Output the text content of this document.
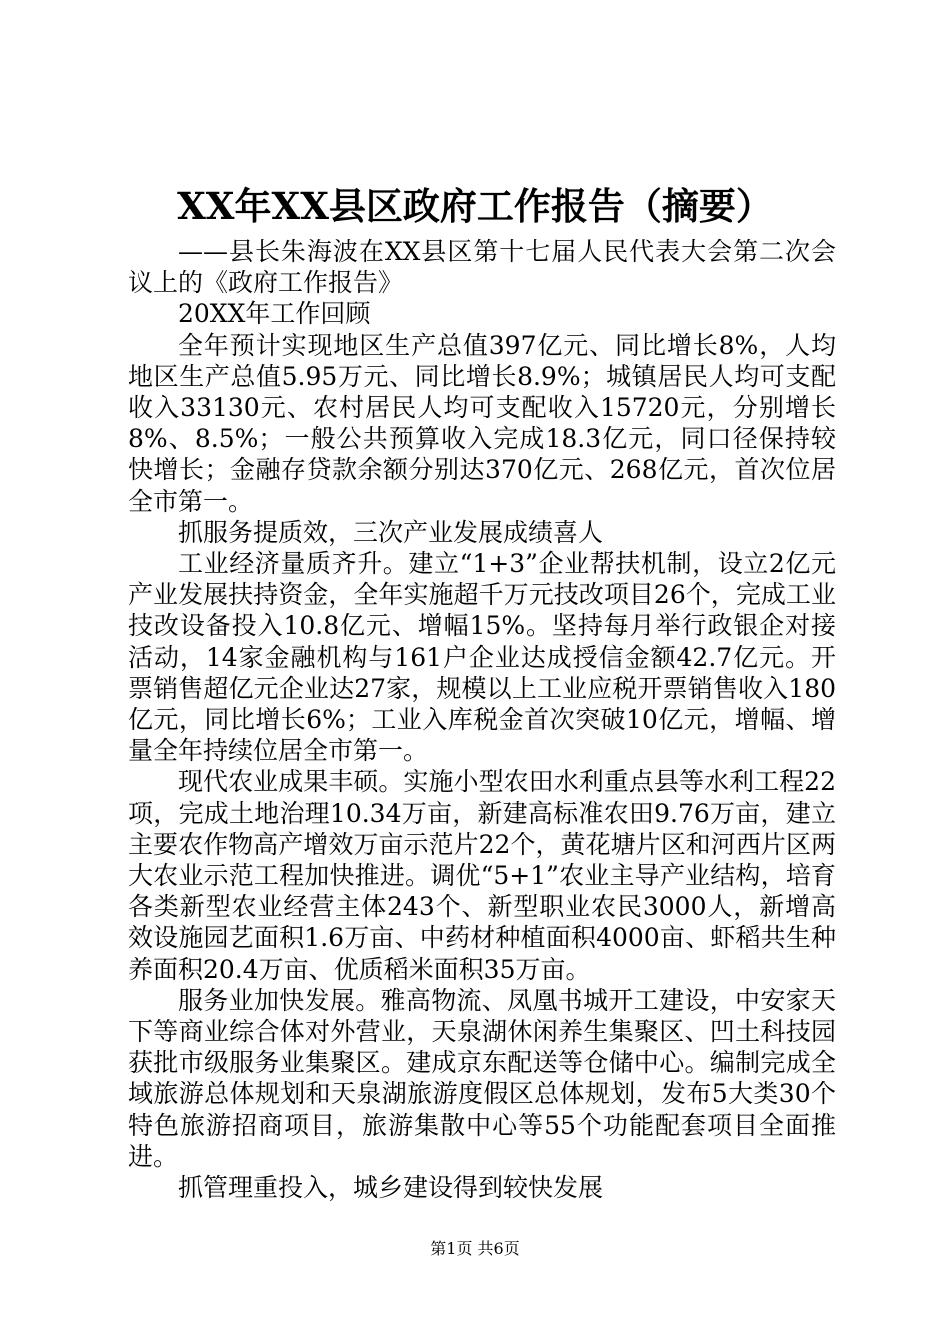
XX年XX县区政府工作报告（摘要）

——县长朱海波在XX县区第十七届人民代表大会第二次会议上的《政府工作报告》

20XX年工作回顾

全年预计实现地区生产总值397亿元、同比增长8%，人均地区生产总值5.95万元、同比增长8.9%；城镇居民人均可支配收入33130元、农村居民人均可支配收入15720元，分别增长8%、8.5%；一般公共预算收入完成18.3亿元，同口径保持较快增长；金融存贷款余额分别达370亿元、268亿元，首次位居全市第一。

抓服务提质效，三次产业发展成绩喜人

工业经济量质齐升。建立“1+3”企业帮扶机制，设立2亿元产业发展扶持资金，全年实施超千万元技改项目26个，完成工业技改设备投入10.8亿元、增幅15%。坚持每月举行政银企对接活动，14家金融机构与161户企业达成授信金额42.7亿元。开票销售超亿元企业达27家，规模以上工业应税开票销售收入180亿元，同比增长6%；工业入库税金首次突破10亿元，增幅、增量全年持续位居全市第一。

现代农业成果丰硕。实施小型农田水利重点县等水利工程22项，完成土地治理10.34万亩，新建高标准农田9.76万亩，建立主要农作物高产增效万亩示范片22个，黄花塘片区和河西片区两大农业示范工程加快推进。调优“5+1”农业主导产业结构，培育各类新型农业经营主体243个、新型职业农民3000人，新增高效设施园艺面积1.6万亩、中药材种植面积4000亩、虾稻共生种养面积20.4万亩、优质稻米面积35万亩。

服务业加快发展。雅高物流、凤凰书城开工建设，中安家天下等商业综合体对外营业，天泉湖休闲养生集聚区、凹土科技园获批市级服务业集聚区。建成京东配送等仓储中心。编制完成全域旅游总体规划和天泉湖旅游度假区总体规划，发布5大类30个特色旅游招商项目，旅游集散中心等55个功能配套项目全面推进。

抓管理重投入，城乡建设得到较快发展

第1页 共6页
